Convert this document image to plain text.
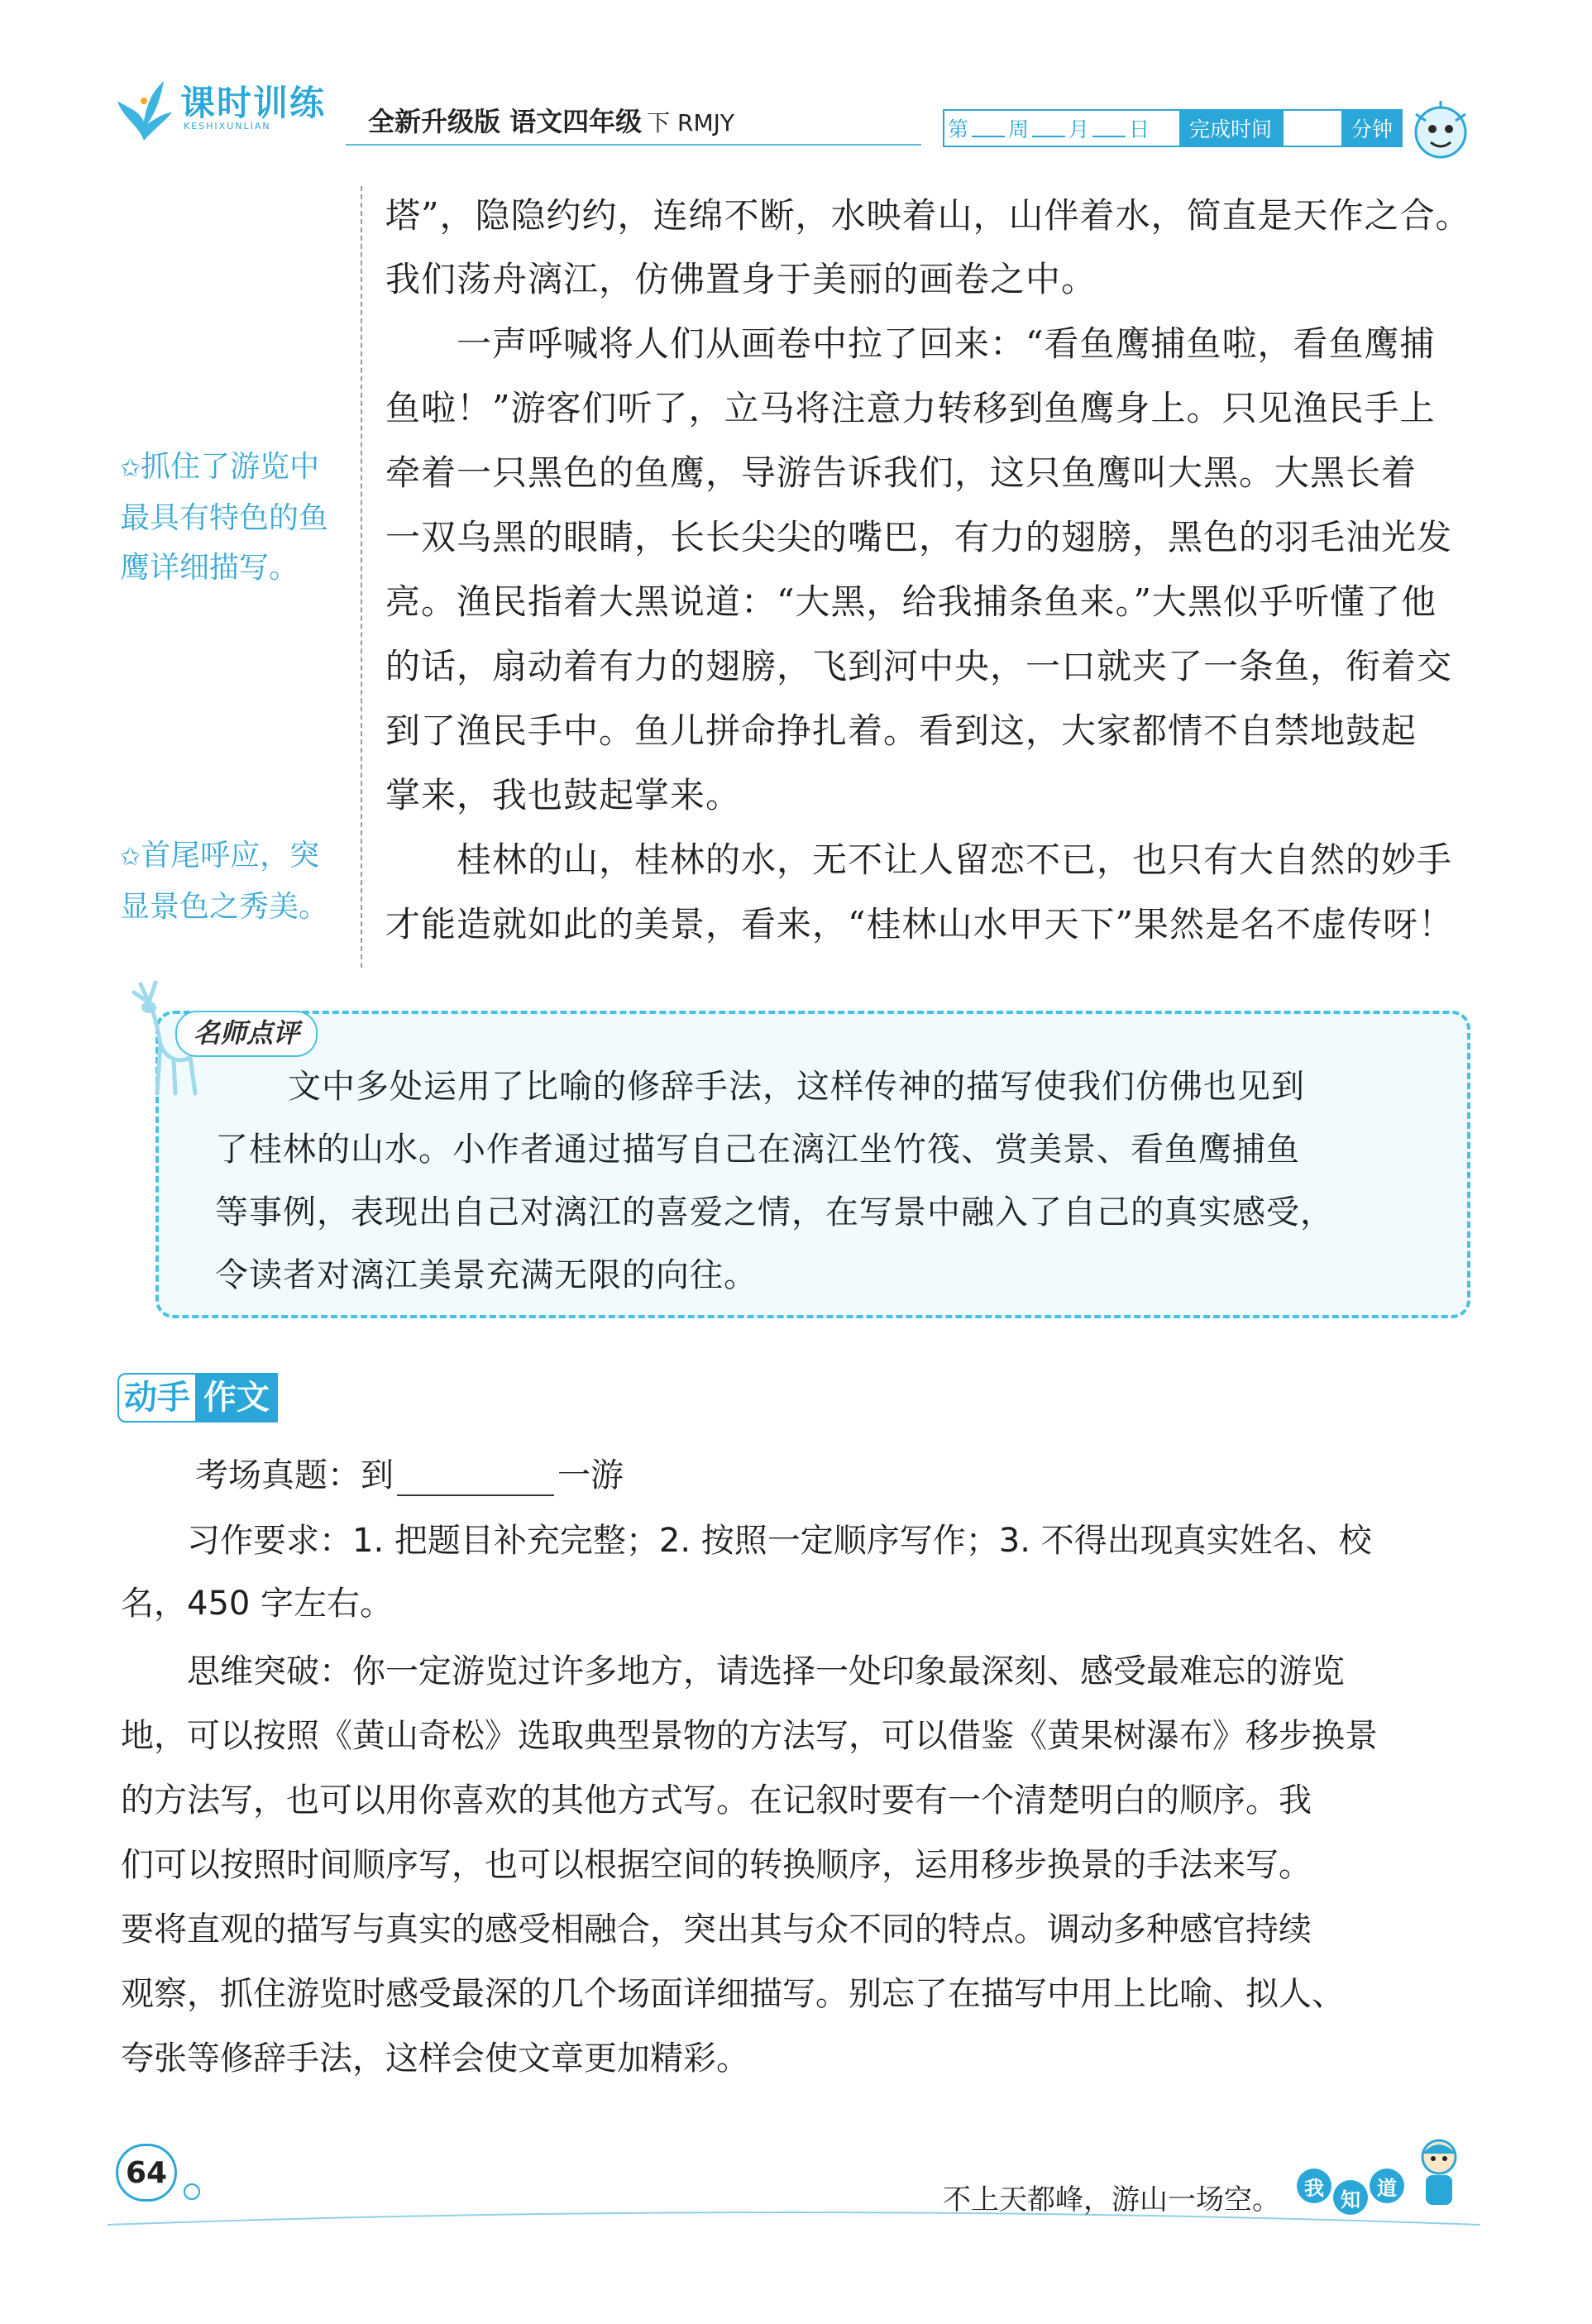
课时训练
KESHIXUNLIAN	全新升级版 语文四年级 下 RMJY	第 周 月 日	完成时间	分钟
✩抓住了游览中
最具有特色的鱼
鹰详细描写。
✩首尾呼应，突
显景色之秀美。
塔”，隐隐约约，连绵不断，水映着山，山伴着水，简直是天作之合。
我们荡舟漓江，仿佛置身于美丽的画卷之中。
　　一声呼喊将人们从画卷中拉了回来：“看鱼鹰捕鱼啦，看鱼鹰捕
鱼啦！”游客们听了，立马将注意力转移到鱼鹰身上。只见渔民手上
牵着一只黑色的鱼鹰，导游告诉我们，这只鱼鹰叫大黑。大黑长着
一双乌黑的眼睛，长长尖尖的嘴巴，有力的翅膀，黑色的羽毛油光发
亮。渔民指着大黑说道：“大黑，给我捕条鱼来。”大黑似乎听懂了他
的话，扇动着有力的翅膀，飞到河中央，一口就夹了一条鱼，衔着交
到了渔民手中。鱼儿拼命挣扎着。看到这，大家都情不自禁地鼓起
掌来，我也鼓起掌来。
　　桂林的山，桂林的水，无不让人留恋不已，也只有大自然的妙手
才能造就如此的美景，看来，“桂林山水甲天下”果然是名不虚传呀！
名师点评
文中多处运用了比喻的修辞手法，这样传神的描写使我们仿佛也见到
了桂林的山水。小作者通过描写自己在漓江坐竹筏、赏美景、看鱼鹰捕鱼
等事例，表现出自己对漓江的喜爱之情，在写景中融入了自己的真实感受，
令读者对漓江美景充满无限的向往。
动手 作文
考场真题：到	一游
　　习作要求：1. 把题目补充完整；2. 按照一定顺序写作；3. 不得出现真实姓名、校
名，450 字左右。
　　思维突破：你一定游览过许多地方，请选择一处印象最深刻、感受最难忘的游览
地，可以按照《黄山奇松》选取典型景物的方法写，可以借鉴《黄果树瀑布》移步换景
的方法写，也可以用你喜欢的其他方式写。在记叙时要有一个清楚明白的顺序。我
们可以按照时间顺序写，也可以根据空间的转换顺序，运用移步换景的手法来写。
要将直观的描写与真实的感受相融合，突出其与众不同的特点。调动多种感官持续
观察，抓住游览时感受最深的几个场面详细描写。别忘了在描写中用上比喻、拟人、
夸张等修辞手法，这样会使文章更加精彩。
64
不上天都峰，游山一场空。	我 知 道
